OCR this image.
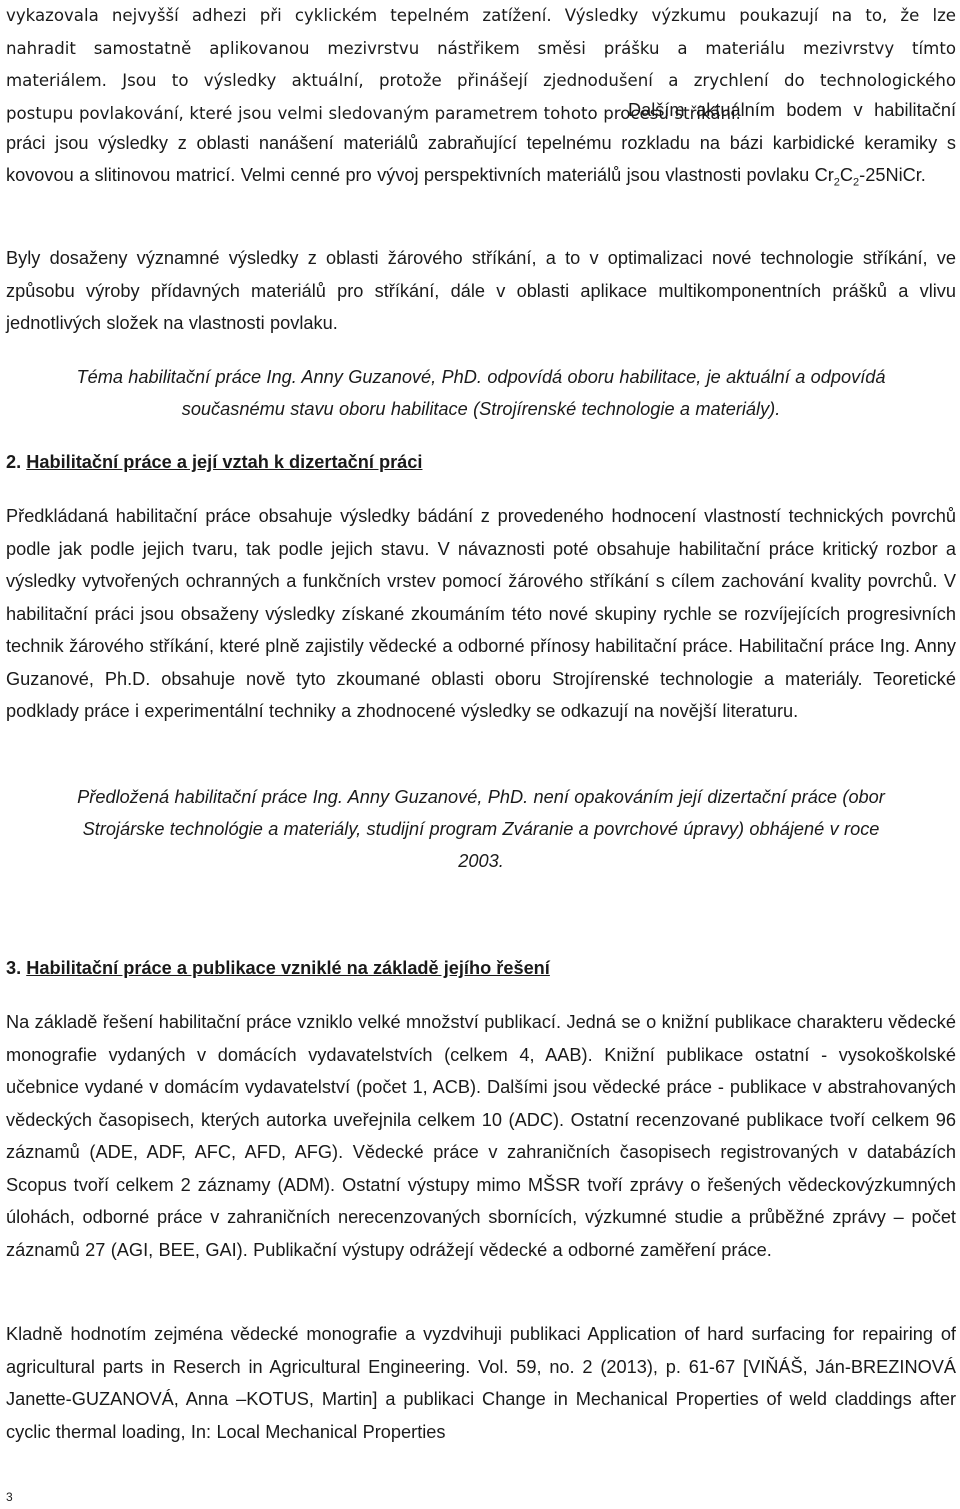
vykazovala nejvyšší adhezi při cyklickém tepelném zatížení. Výsledky výzkumu poukazují na to, že lze

nahradit samostatně aplikovanou mezivrstvu nástřikem směsi prášku a materiálu mezivrstvy tímto

materiálem. Jsou to výsledky aktuální, protože přinášejí zjednodušení a zrychlení do technologického

postupu povlakování, které jsou velmi sledovaným parametrem tohoto procesu stříkání.

Dalším aktuálním bodem v habilitační práci jsou výsledky z oblasti nanášení materiálů zabraňující tepelnému rozkladu na bázi karbidické keramiky s kovovou a slitinovou matricí. Velmi cenné pro vývoj perspektivních materiálů jsou vlastnosti povlaku $Cr_2C_2-25NiCr$.

Byly dosaženy významné výsledky z oblasti žárového stříkání, a to v optimalizaci nové technologie stříkání, ve způsobu výroby přídavných materiálů pro stříkání, dále v oblasti aplikace multikomponentních prášků a vlivu jednotlivých složek na vlastnosti povlaku.

Téma habilitační práce Ing. Anny Guzanové, PhD. odpovídá oboru habilitace, je aktuální a odpovídá

současnému stavu oboru habilitace (Strojírenské technologie a materiály).

2. Habilitační práce a její vztah k dizertační práci

Předkládaná habilitační práce obsahuje výsledky bádání z provedeného hodnocení vlastností technických povrchů podle jak podle jejich tvaru, tak podle jejich stavu. V návaznosti poté obsahuje habilitační práce kritický rozbor a výsledky vytvořených ochranných a funkčních vrstev pomocí žárového stříkání s cílem zachování kvality povrchů. V habilitační práci jsou obsaženy výsledky získané zkoumáním této nové skupiny rychle se rozvíjejících progresivních technik žárového stříkání, které plně zajistily vědecké a odborné přínosy habilitační práce. Habilitační práce Ing. Anny Guzanové, Ph.D. obsahuje nově tyto zkoumané oblasti oboru Strojírenské technologie a materiály. Teoretické podklady práce i experimentální techniky a zhodnocené výsledky se odkazují na novější literaturu.

Předložená habilitační práce Ing. Anny Guzanové, PhD. není opakováním její dizertační práce (obor

Strojárske technológie a materiály, studijní program Zváranie a povrchové úpravy) obhájené v roce

2003.

3. Habilitační práce a publikace vzniklé na základě jejího řešení

Na základě řešení habilitační práce vzniklo velké množství publikací. Jedná se o knižní publikace charakteru vědecké monografie vydaných v domácích vydavatelstvích (celkem 4, AAB). Knižní publikace ostatní - vysokoškolské učebnice vydané v domácím vydavatelství (počet 1, ACB). Dalšími jsou vědecké práce - publikace v abstrahovaných vědeckých časopisech, kterých autorka uveřejnila celkem 10 (ADC). Ostatní recenzované publikace tvoří celkem 96 záznamů (ADE, ADF, AFC, AFD, AFG). Vědecké práce v zahraničních časopisech registrovaných v databázích Scopus tvoří celkem 2 záznamy (ADM). Ostatní výstupy mimo MŠSR tvoří zprávy o řešených vědeckovýzkumných úlohách, odborné práce v zahraničních nerecenzovaných sbornících, výzkumné studie a průběžné zprávy – počet záznamů 27 (AGI, BEE, GAI). Publikační výstupy odrážejí vědecké a odborné zaměření práce.

Kladně hodnotím zejména vědecké monografie a vyzdvihuji publikaci Application of hard surfacing for repairing of agricultural parts in Reserch in Agricultural Engineering. Vol. 59, no. 2 (2013), p. 61-67 [VIŇÁŠ, Ján-BREZINOVÁ Janette-GUZANOVÁ, Anna –KOTUS, Martin] a publikaci Change in Mechanical Properties of weld claddings after cyclic thermal loading, In: Local Mechanical Properties

3
